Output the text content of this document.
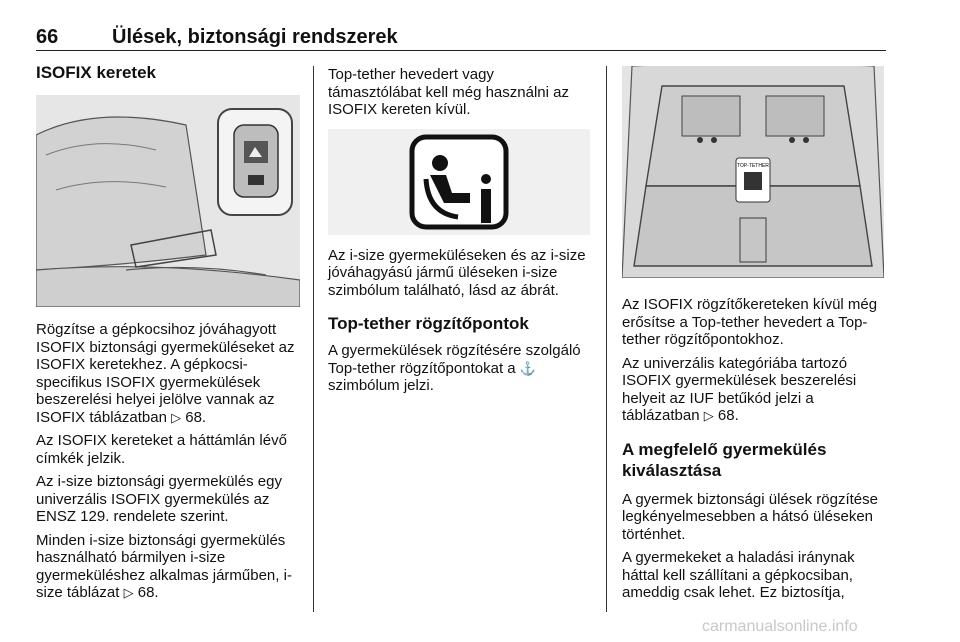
66	Ülések, biztonsági rendszerek
ISOFIX keretek

Rögzítse a gépkocsihoz jóváhagyott ISOFIX biztonsági gyermeküléseket az ISOFIX keretekhez. A gépkocsi-specifikus ISOFIX gyermekülések beszerelési helyei jelölve vannak az ISOFIX táblázatban ▷ 68.

Az ISOFIX kereteket a háttámlán lévő címkék jelzik.

Az i-size biztonsági gyermekülés egy univerzális ISOFIX gyermekülés az ENSZ 129. rendelete szerint.

Minden i-size biztonsági gyermekülés használható bármilyen i-size gyermeküléshez alkalmas járműben, i-size táblázat ▷ 68.

Top-tether hevedert vagy támasztólábat kell még használni az ISOFIX kereten kívül.

Az i-size gyermeküléseken és az i-size jóváhagyású jármű üléseken i-size szimbólum található, lásd az ábrát.

Top-tether rögzítőpontok

A gyermekülések rögzítésére szolgáló Top-tether rögzítőpontokat a ⚓ szimbólum jelzi.

TOP-TETHER

Az ISOFIX rögzítőkereteken kívül még erősítse a Top-tether hevedert a Top-tether rögzítőpontokhoz.

Az univerzális kategóriába tartozó ISOFIX gyermekülések beszerelési helyeit az IUF betűkód jelzi a táblázatban ▷ 68.

A megfelelő gyermekülés kiválasztása

A gyermek biztonsági ülések rögzítése legkényelmesebben a hátsó üléseken történhet.

A gyermekeket a haladási iránynak háttal kell szállítani a gépkocsiban, ameddig csak lehet. Ez biztosítja,

carmanualsonline.info
